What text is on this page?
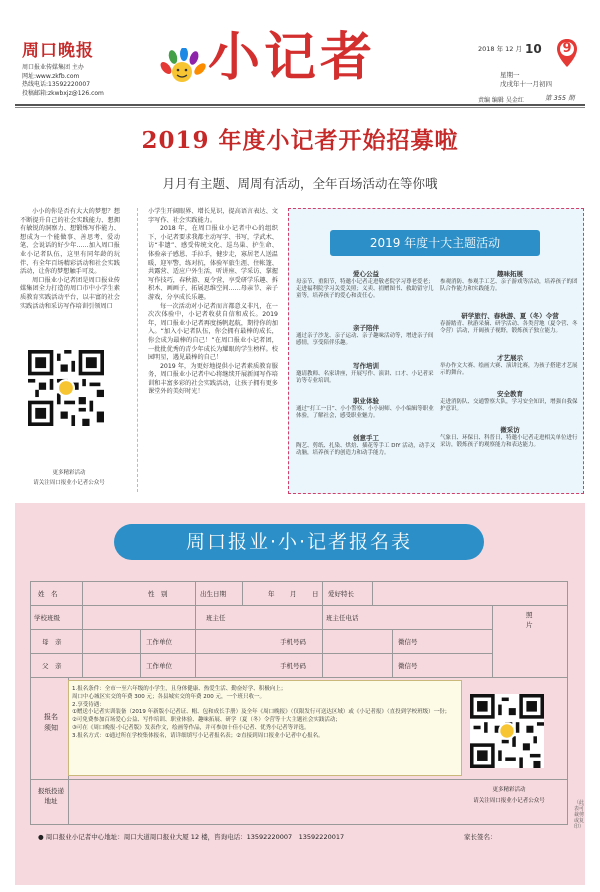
周口晚报
周口报业传媒集团 主办
网址:www.zkfb.com
热线电话:13592220007
投稿邮箱:zkwbxjz@126.com
小记者	2018 年 12 月 10	9
星期一
戊戌年十一月初四
责编 编辑 吴金红	第 355 期
2019 年度小记者开始招募啦
月月有主题、周周有活动，全年百场活动在等你哦
小小的你是否有大大的梦想？想不断提升自己的社会实践能力、想拥有敏锐的洞察力、想锻炼写作能力、想成为一个能做事、善思考、爱动笔、会说话的好少年……加入周口报业小记者队伍，这里有同年龄的玩伴、有全年百场精彩活动和社会实践活动，让你的梦想触手可及。
周口报业小记者团是周口报业传媒集团全力打造的周口市中小学生素质教育实践活动平台，以丰富的社会实践活动和采访写作培训引领周口
小学生开阔眼界、增长见识，提高语言表达、文字写作、社会实践能力。
2018 年，在周口报业小记者中心的组织下，小记者要求我都主动写字、书写，学武术、访“非遗”、感受传统文化、巡鸟巢、护生命、体验亲子感恩、手拉手，健步走，寡居老人送温暖，迎军警，练对抗，体验军旅生涯、住帐篷、共露营、适应户外生活，听讲座、学采访、掌握写作技巧，春秋游、夏令营，享受研学乐趣、拆积木、画画子，拓展思维空间……母亲节、亲子游戏，分享成长乐趣。
每一次活动对小记者而言都意义非凡，在一次次体验中，小记者收获自信和成长。2019 年，周口报业小记者再度扬帆起航，期待你的加入。“加入小记者队伍，你会拥有最棒的成长，你会成为最棒的自己！”在周口报业小记者团，一批批优秀的青少年成长为耀眼的学生榜样。校园明星，遇见最棒的自己！
2019 年，为更好地提供小记者素质教育服务，周口报业小记者中心将继续开展新闻写作培训和丰富多彩的社会实践活动，让孩子拥有更多课堂外的美好时光！
更多精彩活动
请关注周口报业小记者公众号
2019 年度十大主题活动
爱心公益
母亲节、重阳节，特邀小记者走进敬老院学习尊老爱老；走进福利院学习关爱关照；义卖、捐赠图书、救助留守儿童等，培养孩子的爱心和责任心。
趣味拓展
参观消防、参观手工艺、亲子游戏等活动，培养孩子的团队合作能力和实践能力。
亲子陪伴
通过亲子沙龙、亲子运动、亲子趣味活动等，增进亲子间感情，享受陪伴乐趣。
研学旅行、春秋游、夏（冬）令营
春游踏青、秋游采摘、研学活动、各类营地（夏令营、冬令营）活动，开阔孩子视野，锻炼孩子独立能力。
写作培训
邀请教师、名家讲座，开展写作、演讲、口才、小记者采访等专业培训。
才艺展示
举办作文大赛、绘画大赛、演讲比赛，为孩子搭建才艺展示的舞台。
职业体验
通过“打工一日”、小小警察、小小厨师、小小编辑等职业体验，了解社会，感受职业魅力。
安全教育
走进消防队、交通警察大队，学习安全知识，增强自我保护意识。
创意手工
陶艺、剪纸、扎染、烘焙、插花等手工 DIY 活动，动手又动脑，培养孩子的创造力和动手能力。
微采访
气象日、环保日、科普日，特邀小记者走进相关单位进行采访，锻炼孩子的观察能力和表达能力。
周口报业·小·记者报名表
姓　名	性　别	出生日期	年 月 日 爱好特长
学校班级	班主任	班主任电话	照片
母　亲	工作单位	手机号码	微信号
父　亲	工作单位	手机号码	微信号
报名须知
1.报名条件：全市一至六年级的小学生，且身体健康、热爱生活、勤奋好学、积极向上；
周口中心城区实交的年费 300 元；各县城实交的年费 200 元，一个班只收一。
2.享受待遇：
①赠送小记者实训装备（2019 年新版小记者证、帽、包和成长手册）及全年《周口晚报》（仅限发行可送达区域）或《小记者报》（直投到学校班级）一份；
②可免费参加百场爱心公益、写作培训、职业体验、趣味拓展、研学（夏（冬）令营等十大主题社会实践活动；
③可在《周口晚报·小记者版》发表作文，绘画等作品，并可参加十佳小记者、优秀小记者等评选。
3.报名方式：①通过所在学校集体报名，请详细填写小记者报名表；②直接到周口报业小记者中心报名。
更多精彩活动
请关注周口报业小记者公众号
报纸投递地址
● 周口报业小记者中心地址：周口大道周口报业大厦 12 楼，咨询电话：13592220007　13592220017	家长签名：
（此表可裁剪或复印）
